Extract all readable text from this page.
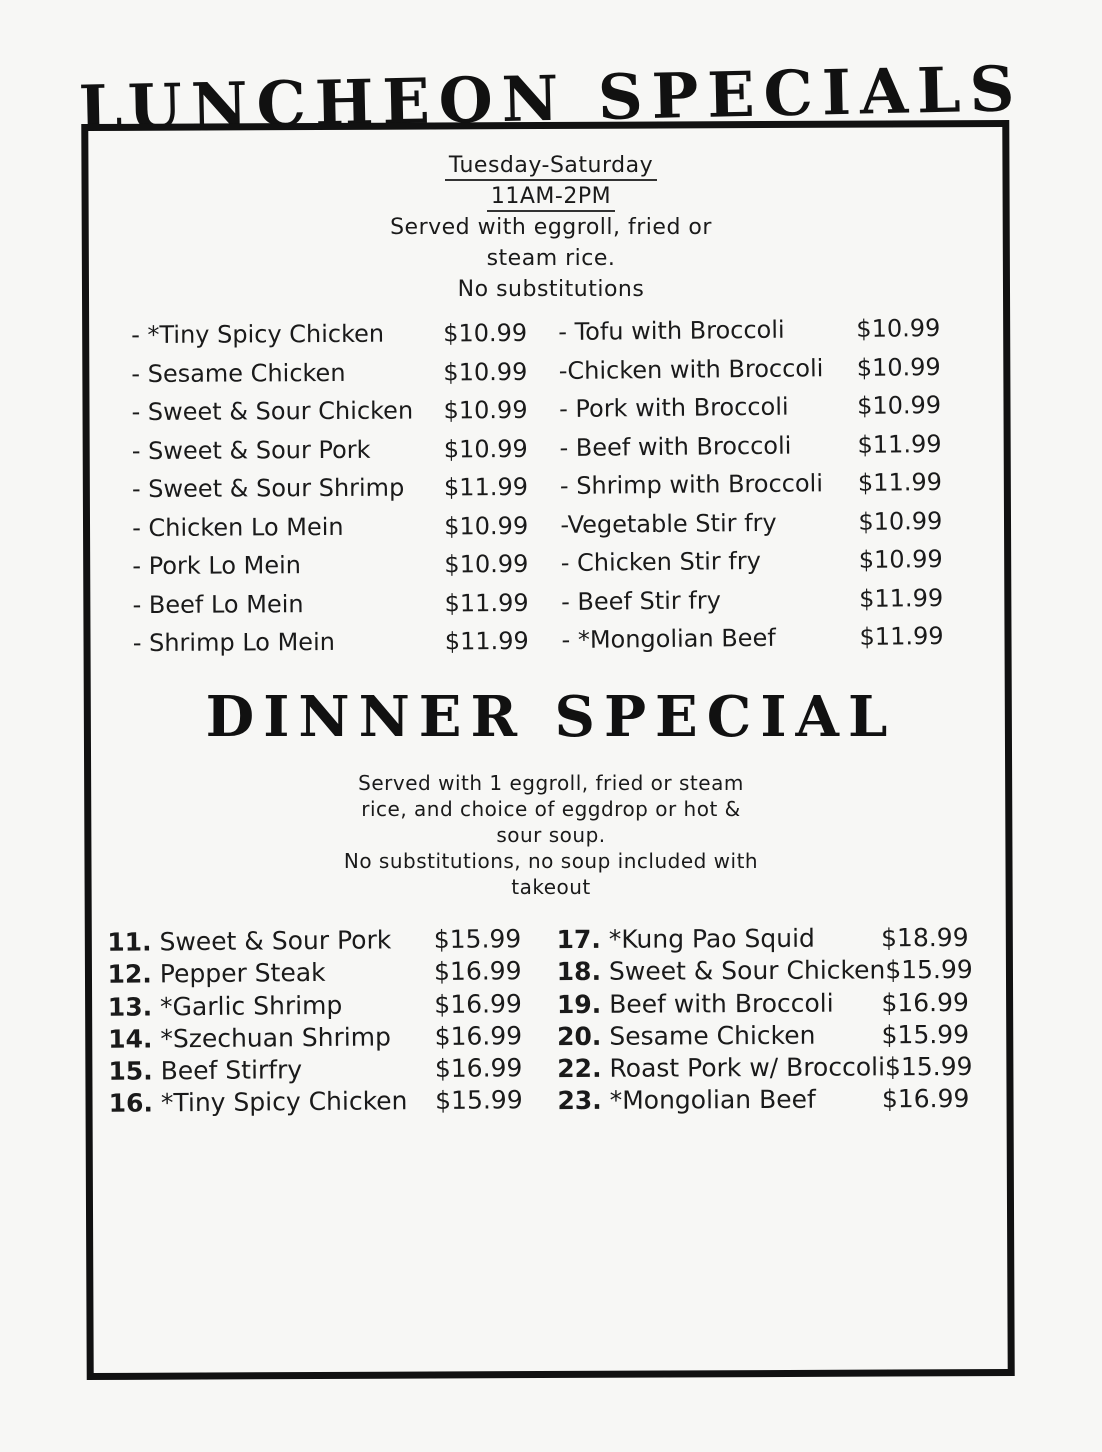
LUNCHEON SPECIALS
Tuesday-Saturday
11AM-2PM
Served with eggroll, fried or
steam rice.
No substitutions
- *Tiny Spicy Chicken $10.99
- Sesame Chicken	$10.99
- Sweet & Sour Chicken $10.99
- Sweet & Sour Pork	$10.99
- Sweet & Sour Shrimp $11.99
- Chicken Lo Mein	$10.99
- Pork Lo Mein	$10.99
- Beef Lo Mein	$11.99
- Shrimp Lo Mein	$11.99
- Tofu with Broccoli	$10.99
-Chicken with Broccoli $10.99
- Pork with Broccoli	$10.99
- Beef with Broccoli	$11.99
- Shrimp with Broccoli $11.99
-Vegetable Stir fry	$10.99
- Chicken Stir fry	$10.99
- Beef Stir fry	$11.99
- *Mongolian Beef	$11.99
DINNER SPECIAL
Served with 1 eggroll, fried or steam
rice, and choice of eggdrop or hot &
sour soup.
No substitutions, no soup included with
takeout
11. Sweet & Sour Pork $15.99
12. Pepper Steak	$16.99
13. *Garlic Shrimp	$16.99
14. *Szechuan Shrimp $16.99
15. Beef Stirfry	$16.99
16. *Tiny Spicy Chicken $15.99
17. *Kung Pao Squid	$18.99
18. Sweet & Sour Chicken $15.99
19. Beef with Broccoli $16.99
20. Sesame Chicken	$15.99
22. Roast Pork w/ Broccoli $15.99
23. *Mongolian Beef	$16.99
